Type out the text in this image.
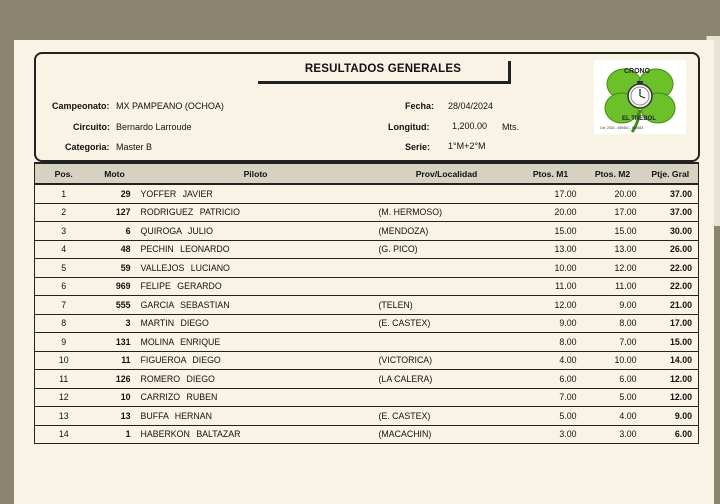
RESULTADOS GENERALES
Campeonato: MX PAMPEANO (OCHOA)
Circuito: Bernardo Larroude
Categoria: Master B
Fecha: 28/04/2024
Longitud:	1,200.00 Mts.
Serie: 1°M+2°M
CRONO
EL TREBOL
Cel. 2302 - 459461 - 514683
Pos.	Moto	Piloto	Prov/Localidad	Ptos. M1	Ptos. M2	Ptje. Gral
1	29	YOFFER JAVIER		17.00	20.00	37.00
2	127	RODRIGUEZ PATRICIO	(M. HERMOSO)	20.00	17.00	37.00
3	6	QUIROGA JULIO	(MENDOZA)	15.00	15.00	30.00
4	48	PECHIN LEONARDO	(G. PICO)	13.00	13.00	26.00
5	59	VALLEJOS LUCIANO		10.00	12.00	22.00
6	969	FELIPE GERARDO		11.00	11.00	22.00
7	555	GARCIA SEBASTIAN	(TELEN)	12.00	9.00	21.00
8	3	MARTIN DIEGO	(E. CASTEX)	9.00	8.00	17.00
9	131	MOLINA ENRIQUE		8.00	7.00	15.00
10	11	FIGUEROA DIEGO	(VICTORICA)	4.00	10.00	14.00
11	126	ROMERO DIEGO	(LA CALERA)	6.00	6.00	12.00
12	10	CARRIZO RUBEN		7.00	5.00	12.00
13	13	BUFFA HERNAN	(E. CASTEX)	5.00	4.00	9.00
14	1	HABERKON BALTAZAR	(MACACHIN)	3.00	3.00	6.00
